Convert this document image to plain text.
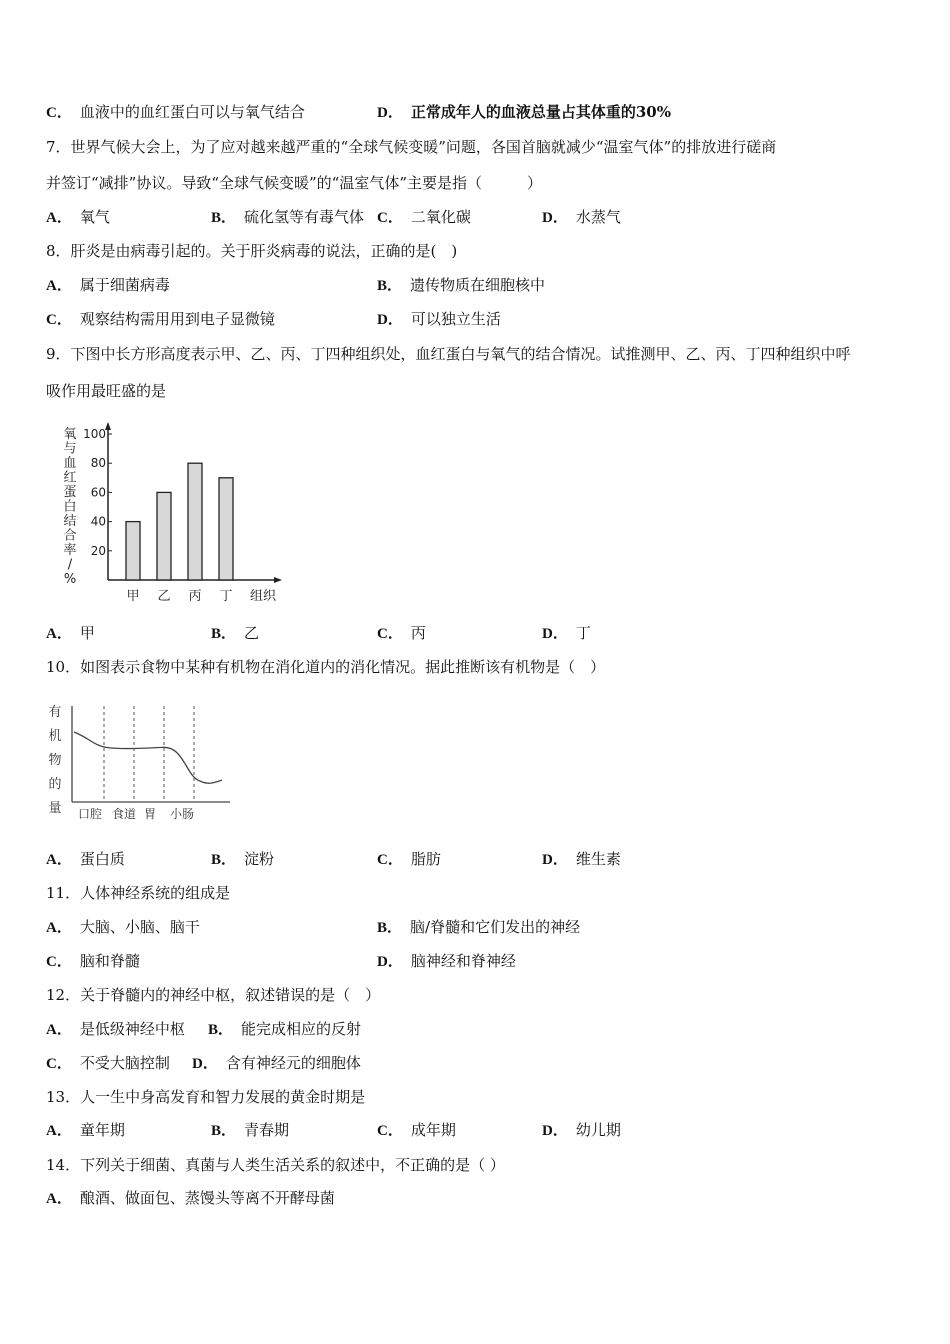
C． 血液中的血红蛋白可以与氧气结合	D． 正常成年人的血液总量占其体重的30%
7．世界气候大会上，为了应对越来越严重的“全球气候变暖”问题，各国首脑就减少“温室气体”的排放进行磋商
并签订“减排”协议。导致“全球气候变暖”的“温室气体”主要是指（　　　）
A． 氧气	B． 硫化氢等有毒气体 C． 二氧化碳	D． 水蒸气
8．肝炎是由病毒引起的。关于肝炎病毒的说法，正确的是(　)
A． 属于细菌病毒	B． 遗传物质在细胞核中
C． 观察结构需用用到电子显微镜	D． 可以独立生活
9．下图中长方形高度表示甲、乙、丙、丁四种组织处，血红蛋白与氧气的结合情况。试推测甲、乙、丙、丁四种组织中呼
吸作用最旺盛的是
氧
与
血
红
蛋
白
结
合
率
/
%
20
40
60
80
100
甲 乙 丙 丁 组织
A． 甲	B． 乙	C． 丙	D． 丁
10．如图表示食物中某种有机物在消化道内的消化情况。据此推断该有机物是（　）
有
机
物
的
量 口腔 食道 胃 小肠
A． 蛋白质	B． 淀粉	C． 脂肪	D． 维生素
11．人体神经系统的组成是
A． 大脑、小脑、脑干	B． 脑/脊髓和它们发出的神经
C． 脑和脊髓	D． 脑神经和脊神经
12．关于脊髓内的神经中枢，叙述错误的是（　）
A． 是低级神经中枢 B． 能完成相应的反射
C． 不受大脑控制 D． 含有神经元的细胞体
13．人一生中身高发育和智力发展的黄金时期是
A． 童年期	B． 青春期	C． 成年期	D． 幼儿期
14．下列关于细菌、真菌与人类生活关系的叙述中，不正确的是（ ）
A． 酿酒、做面包、蒸馒头等离不开酵母菌
